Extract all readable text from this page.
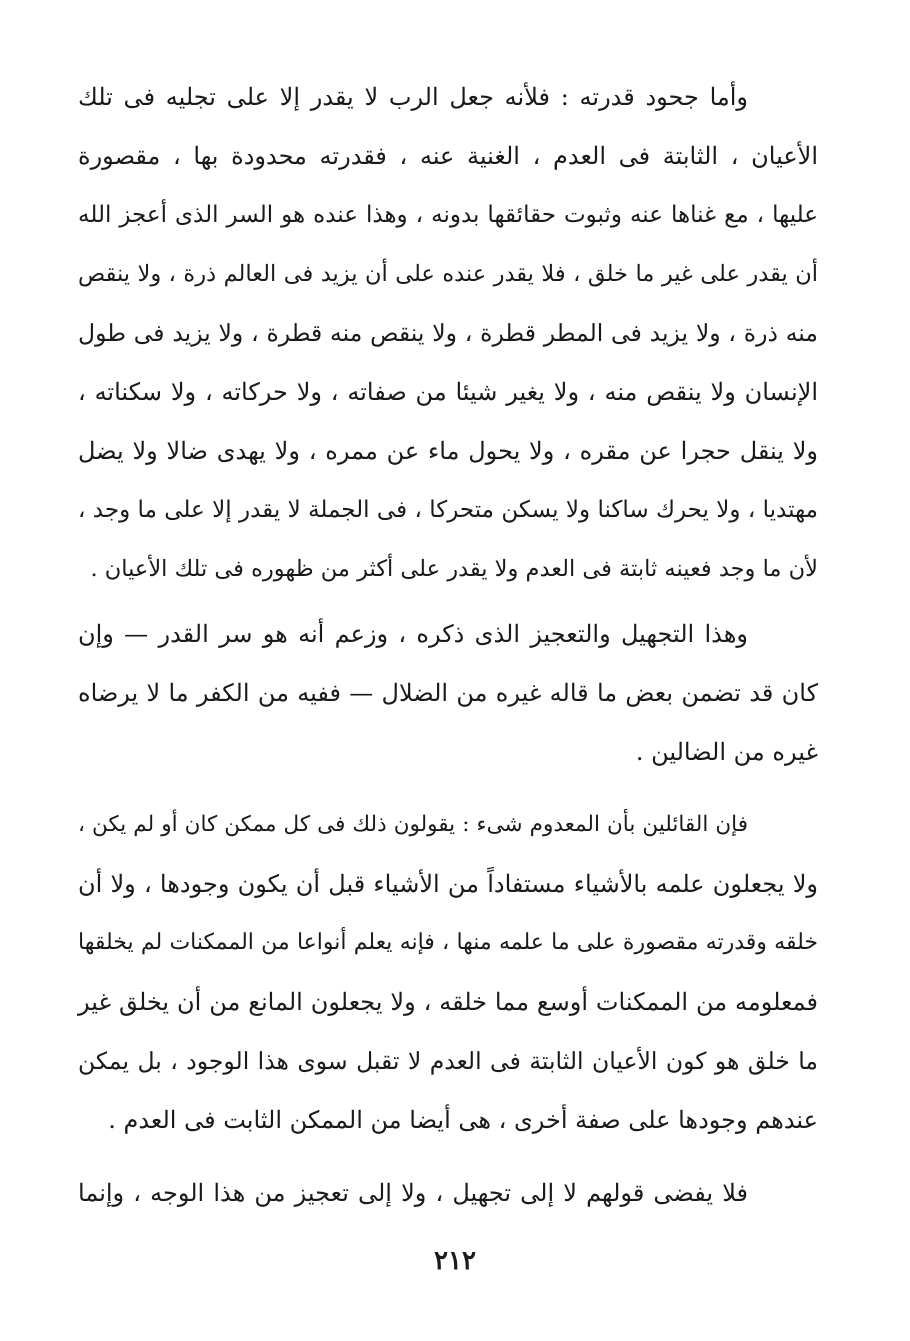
وأما جحود قدرته : فلأنه جعل الرب لا يقدر إلا على تجليه فى تلك
الأعيان ، الثابتة فى العدم ، الغنية عنه ، فقدرته محدودة بها ، مقصورة
عليها ، مع غناها عنه وثبوت حقائقها بدونه ، وهذا عنده هو السر الذى أعجز الله
أن يقدر على غير ما خلق ، فلا يقدر عنده على أن يزيد فى العالم ذرة ، ولا ينقص
منه ذرة ، ولا يزيد فى المطر قطرة ، ولا ينقص منه قطرة ، ولا يزيد فى طول
الإنسان ولا ينقص منه ، ولا يغير شيئا من صفاته ، ولا حركاته ، ولا سكناته ،
ولا ينقل حجرا عن مقره ، ولا يحول ماء عن ممره ، ولا يهدى ضالا ولا يضل
مهتديا ، ولا يحرك ساكنا ولا يسكن متحركا ، فى الجملة لا يقدر إلا على ما وجد ،
لأن ما وجد فعينه ثابتة فى العدم ولا يقدر على أكثر من ظهوره فى تلك الأعيان .
وهذا التجهيل والتعجيز الذى ذكره ، وزعم أنه هو سر القدر — وإن
كان قد تضمن بعض ما قاله غيره من الضلال — ففيه من الكفر ما لا يرضاه
غيره من الضالين .
فإن القائلين بأن المعدوم شىء : يقولون ذلك فى كل ممكن كان أو لم يكن ،
ولا يجعلون علمه بالأشياء مستفاداً من الأشياء قبل أن يكون وجودها ، ولا أن
خلقه وقدرته مقصورة على ما علمه منها ، فإنه يعلم أنواعا من الممكنات لم يخلقها
فمعلومه من الممكنات أوسع مما خلقه ، ولا يجعلون المانع من أن يخلق غير
ما خلق هو كون الأعيان الثابتة فى العدم لا تقبل سوى هذا الوجود ، بل يمكن
عندهم وجودها على صفة أخرى ، هى أيضا من الممكن الثابت فى العدم .
فلا يفضى قولهم لا إلى تجهيل ، ولا إلى تعجيز من هذا الوجه ، وإنما
٢١٢
